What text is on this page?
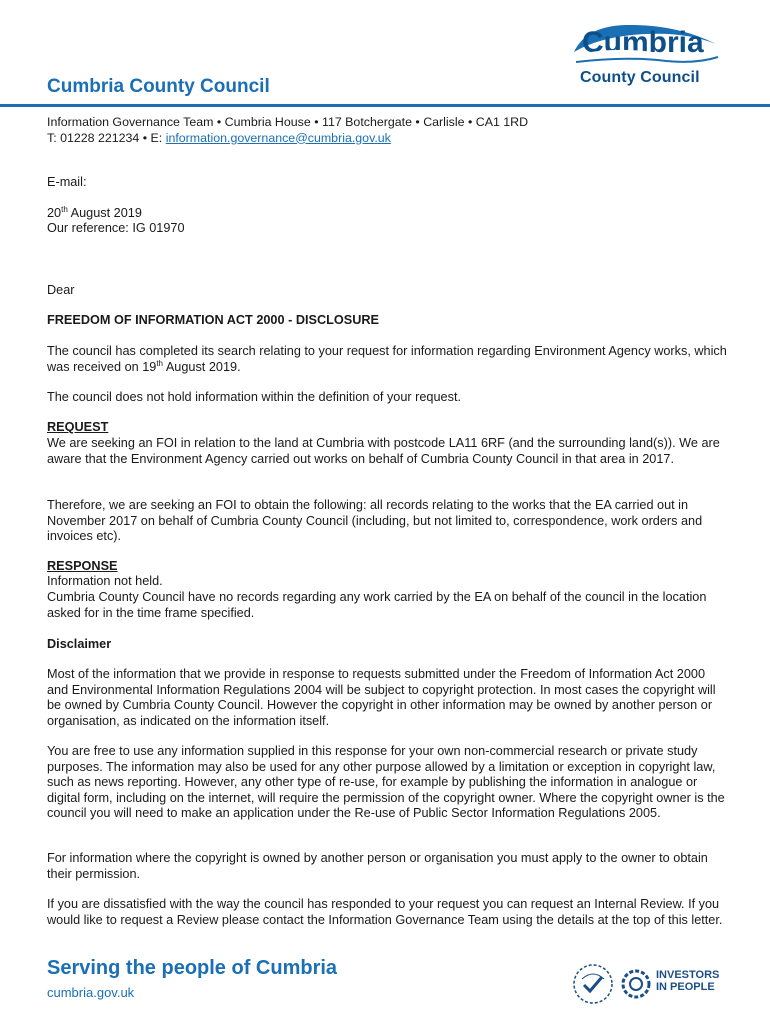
Cumbria
County Council
Cumbria County Council
Information Governance Team • Cumbria House • 117 Botchergate • Carlisle • CA1 1RD
T: 01228 221234 • E: information.governance@cumbria.gov.uk
E-mail:
20th August 2019
Our reference: IG 01970
Dear
FREEDOM OF INFORMATION ACT 2000 - DISCLOSURE
The council has completed its search relating to your request for information regarding Environment Agency works, which was received on 19th August 2019.
The council does not hold information within the definition of your request.
REQUEST
We are seeking an FOI in relation to the land at Cumbria with postcode LA11 6RF (and the surrounding land(s)). We are aware that the Environment Agency carried out works on behalf of Cumbria County Council in that area in 2017.
Therefore, we are seeking an FOI to obtain the following: all records relating to the works that the EA carried out in November 2017 on behalf of Cumbria County Council (including, but not limited to, correspondence, work orders and invoices etc).
RESPONSE
Information not held.
Cumbria County Council have no records regarding any work carried by the EA on behalf of the council in the location asked for in the time frame specified.
Disclaimer
Most of the information that we provide in response to requests submitted under the Freedom of Information Act 2000 and Environmental Information Regulations 2004 will be subject to copyright protection. In most cases the copyright will be owned by Cumbria County Council. However the copyright in other information may be owned by another person or organisation, as indicated on the information itself.
You are free to use any information supplied in this response for your own non-commercial research or private study purposes. The information may also be used for any other purpose allowed by a limitation or exception in copyright law, such as news reporting. However, any other type of re-use, for example by publishing the information in analogue or digital form, including on the internet, will require the permission of the copyright owner. Where the copyright owner is the council you will need to make an application under the Re-use of Public Sector Information Regulations 2005.
For information where the copyright is owned by another person or organisation you must apply to the owner to obtain their permission.
If you are dissatisfied with the way the council has responded to your request you can request an Internal Review. If you would like to request a Review please contact the Information Governance Team using the details at the top of this letter.
Serving the people of Cumbria
cumbria.gov.uk
INVESTORS IN PEOPLE
